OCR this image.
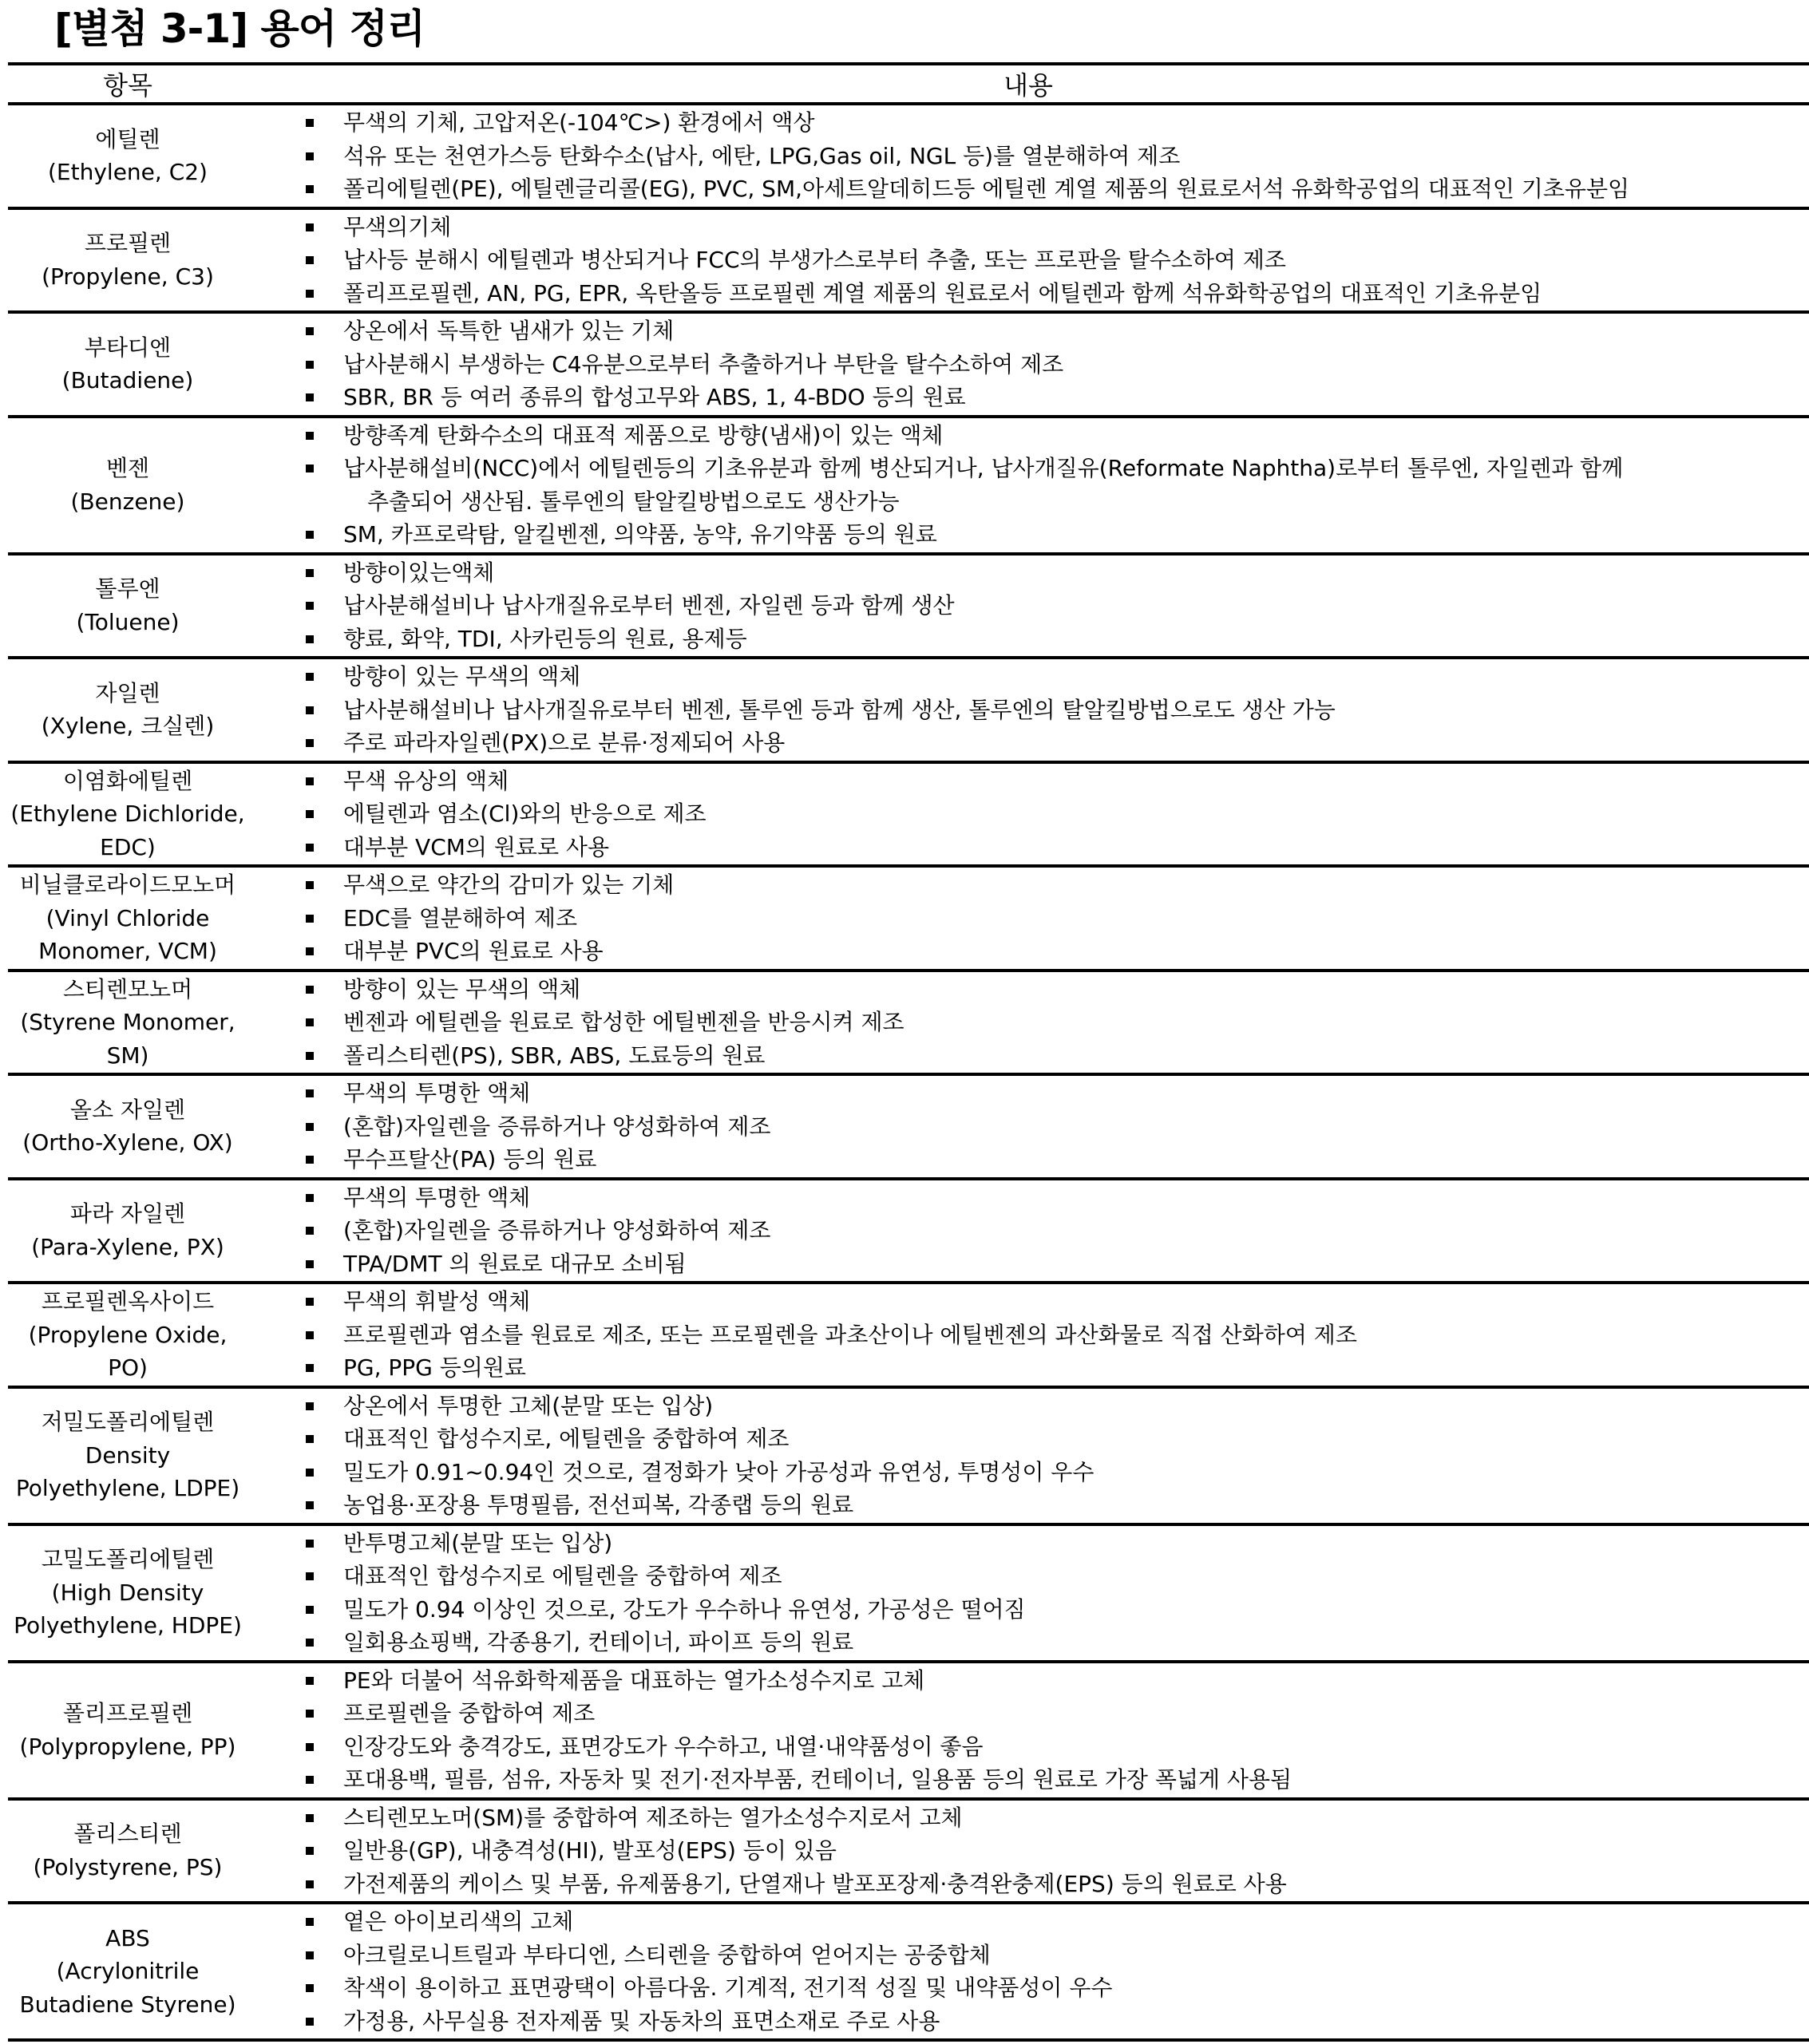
[별첨 3-1] 용어 정리
항목	내용
에틸렌
(Ethylene, C2)
무색의 기체, 고압저온(-104℃>) 환경에서 액상
석유 또는 천연가스등 탄화수소(납사, 에탄, LPG,Gas oil, NGL 등)를 열분해하여 제조
폴리에틸렌(PE), 에틸렌글리콜(EG), PVC, SM,아세트알데히드등 에틸렌 계열 제품의 원료로서석 유화학공업의 대표적인 기초유분임
프로필렌
(Propylene, C3)
무색의기체
납사등 분해시 에틸렌과 병산되거나 FCC의 부생가스로부터 추출, 또는 프로판을 탈수소하여 제조
폴리프로필렌, AN, PG, EPR, 옥탄올등 프로필렌 계열 제품의 원료로서 에틸렌과 함께 석유화학공업의 대표적인 기초유분임
부타디엔
(Butadiene)
상온에서 독특한 냄새가 있는 기체
납사분해시 부생하는 C4유분으로부터 추출하거나 부탄을 탈수소하여 제조
SBR, BR 등 여러 종류의 합성고무와 ABS, 1, 4-BDO 등의 원료
벤젠
(Benzene)
방향족계 탄화수소의 대표적 제품으로 방향(냄새)이 있는 액체
납사분해설비(NCC)에서 에틸렌등의 기초유분과 함께 병산되거나, 납사개질유(Reformate Naphtha)로부터 톨루엔, 자일렌과 함께
추출되어 생산됨. 톨루엔의 탈알킬방법으로도 생산가능
SM, 카프로락탐, 알킬벤젠, 의약품, 농약, 유기약품 등의 원료
톨루엔
(Toluene)
방향이있는액체
납사분해설비나 납사개질유로부터 벤젠, 자일렌 등과 함께 생산
향료, 화약, TDI, 사카린등의 원료, 용제등
자일렌
(Xylene, 크실렌)
방향이 있는 무색의 액체
납사분해설비나 납사개질유로부터 벤젠, 톨루엔 등과 함께 생산, 톨루엔의 탈알킬방법으로도 생산 가능
주로 파라자일렌(PX)으로 분류·정제되어 사용
이염화에틸렌
(Ethylene Dichloride,
EDC)
무색 유상의 액체
에틸렌과 염소(Cl)와의 반응으로 제조
대부분 VCM의 원료로 사용
비닐클로라이드모노머
(Vinyl Chloride
Monomer, VCM)
무색으로 약간의 감미가 있는 기체
EDC를 열분해하여 제조
대부분 PVC의 원료로 사용
스티렌모노머
(Styrene Monomer,
SM)
방향이 있는 무색의 액체
벤젠과 에틸렌을 원료로 합성한 에틸벤젠을 반응시켜 제조
폴리스티렌(PS), SBR, ABS, 도료등의 원료
올소 자일렌
(Ortho-Xylene, OX)
무색의 투명한 액체
(혼합)자일렌을 증류하거나 양성화하여 제조
무수프탈산(PA) 등의 원료
파라 자일렌
(Para-Xylene, PX)
무색의 투명한 액체
(혼합)자일렌을 증류하거나 양성화하여 제조
TPA/DMT 의 원료로 대규모 소비됨
프로필렌옥사이드
(Propylene Oxide,
PO)
무색의 휘발성 액체
프로필렌과 염소를 원료로 제조, 또는 프로필렌을 과초산이나 에틸벤젠의 과산화물로 직접 산화하여 제조
PG, PPG 등의원료
저밀도폴리에틸렌
Density
Polyethylene, LDPE)
상온에서 투명한 고체(분말 또는 입상)
대표적인 합성수지로, 에틸렌을 중합하여 제조
밀도가 0.91~0.94인 것으로, 결정화가 낮아 가공성과 유연성, 투명성이 우수
농업용·포장용 투명필름, 전선피복, 각종랩 등의 원료
고밀도폴리에틸렌
(High Density
Polyethylene, HDPE)
반투명고체(분말 또는 입상)
대표적인 합성수지로 에틸렌을 중합하여 제조
밀도가 0.94 이상인 것으로, 강도가 우수하나 유연성, 가공성은 떨어짐
일회용쇼핑백, 각종용기, 컨테이너, 파이프 등의 원료
폴리프로필렌
(Polypropylene, PP)
PE와 더불어 석유화학제품을 대표하는 열가소성수지로 고체
프로필렌을 중합하여 제조
인장강도와 충격강도, 표면강도가 우수하고, 내열·내약품성이 좋음
포대용백, 필름, 섬유, 자동차 및 전기·전자부품, 컨테이너, 일용품 등의 원료로 가장 폭넓게 사용됨
폴리스티렌
(Polystyrene, PS)
스티렌모노머(SM)를 중합하여 제조하는 열가소성수지로서 고체
일반용(GP), 내충격성(HI), 발포성(EPS) 등이 있음
가전제품의 케이스 및 부품, 유제품용기, 단열재나 발포포장제·충격완충제(EPS) 등의 원료로 사용
ABS
(Acrylonitrile
Butadiene Styrene)
옅은 아이보리색의 고체
아크릴로니트릴과 부타디엔, 스티렌을 중합하여 얻어지는 공중합체
착색이 용이하고 표면광택이 아름다움. 기계적, 전기적 성질 및 내약품성이 우수
가정용, 사무실용 전자제품 및 자동차의 표면소재로 주로 사용
